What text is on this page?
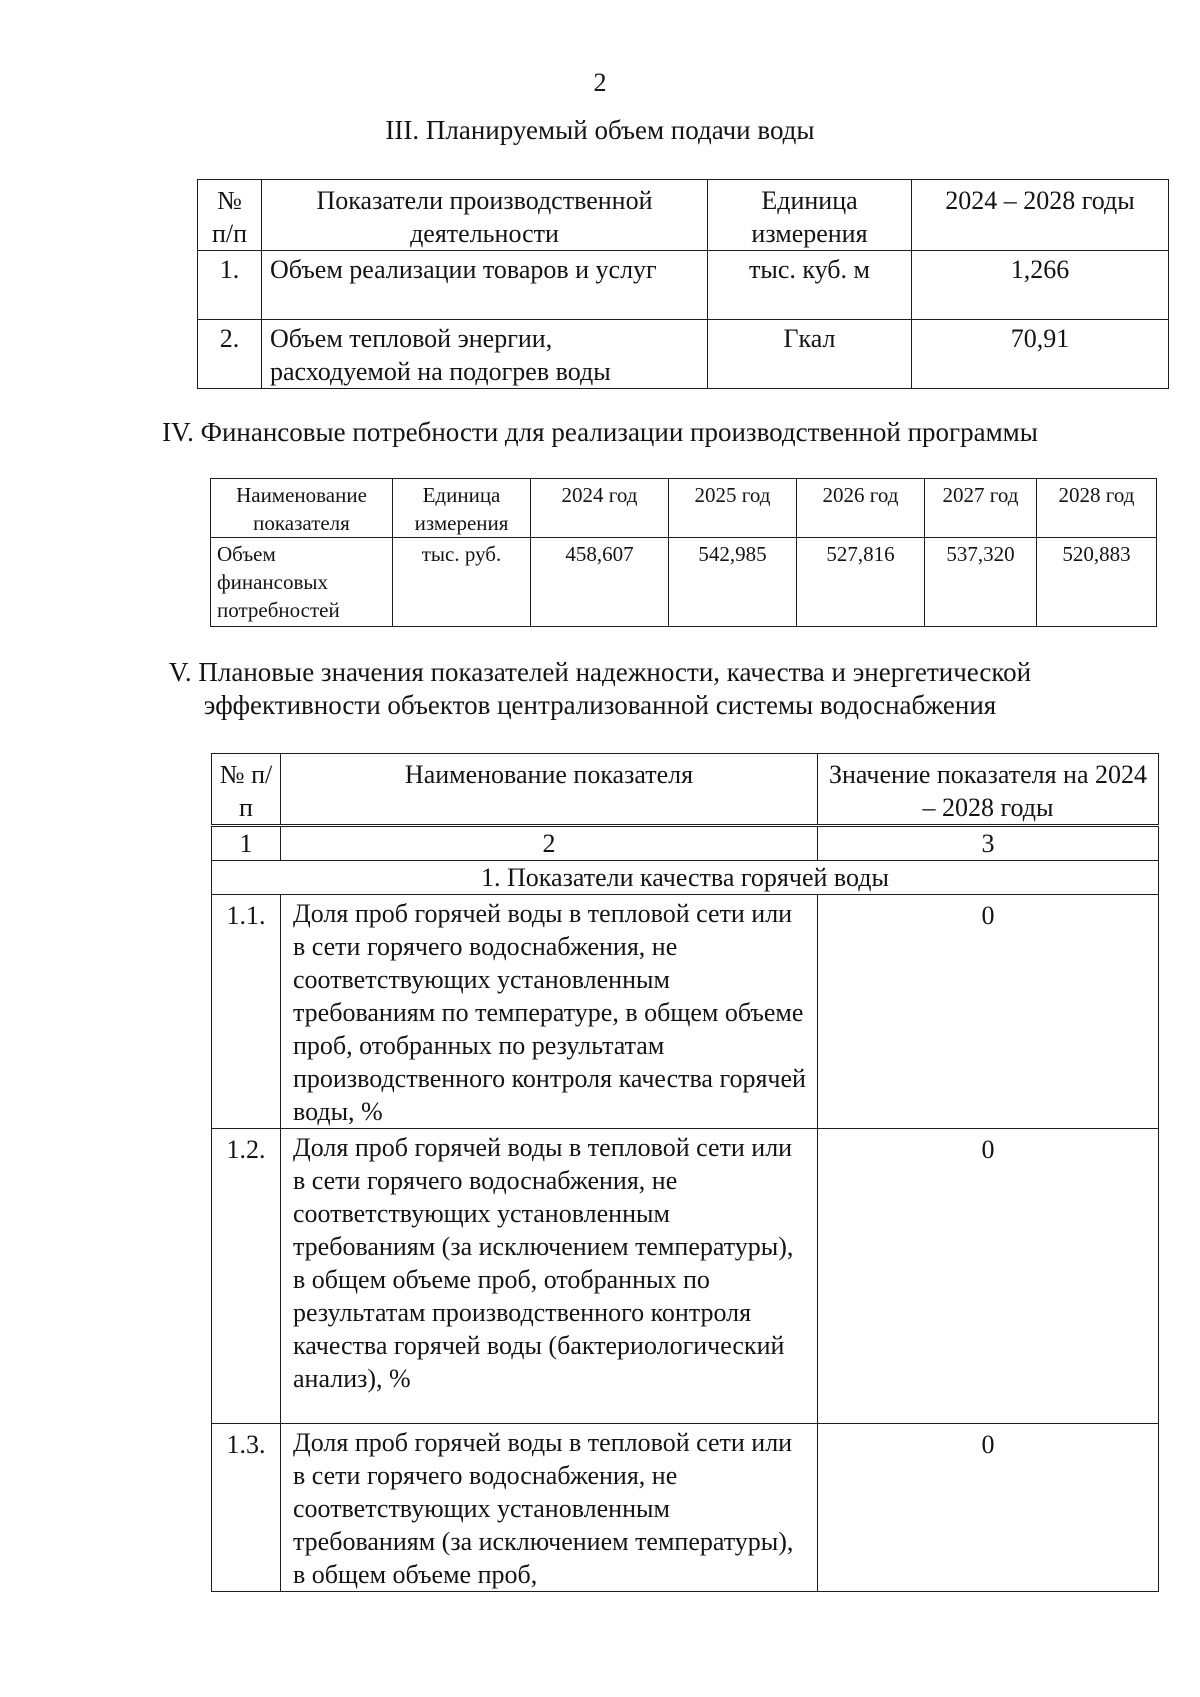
2
III. Планируемый объем подачи воды
№ п/п	Показатели производственной деятельности	Единица измерения	2024 – 2028 годы
1.	Объем реализации товаров и услуг	тыс. куб. м	1,266
2.	Объем тепловой энергии, расходуемой на подогрев воды	Гкал	70,91
IV. Финансовые потребности для реализации производственной программы
Наименование показателя	Единица измерения	2024 год	2025 год	2026 год	2027 год	2028 год
Объем финансовых потребностей	тыс. руб.	458,607	542,985	527,816	537,320	520,883
V. Плановые значения показателей надежности, качества и энергетической
эффективности объектов централизованной системы водоснабжения
№ п/п	Наименование показателя	Значение показателя на 2024 – 2028 годы
1	2	3
1. Показатели качества горячей воды		
1.1.	Доля проб горячей воды в тепловой сети или в сети горячего водоснабжения, не соответствующих установленным требованиям по температуре, в общем объеме проб, отобранных по результатам производственного контроля качества горячей воды, %	0
1.2.	Доля проб горячей воды в тепловой сети или в сети горячего водоснабжения, не соответствующих установленным требованиям (за исключением температуры), в общем объеме проб, отобранных по результатам производственного контроля качества горячей воды (бактериологический анализ), %	0
1.3.	Доля проб горячей воды в тепловой сети или в сети горячего водоснабжения, не соответствующих установленным требованиям (за исключением температуры), в общем объеме проб,	0
